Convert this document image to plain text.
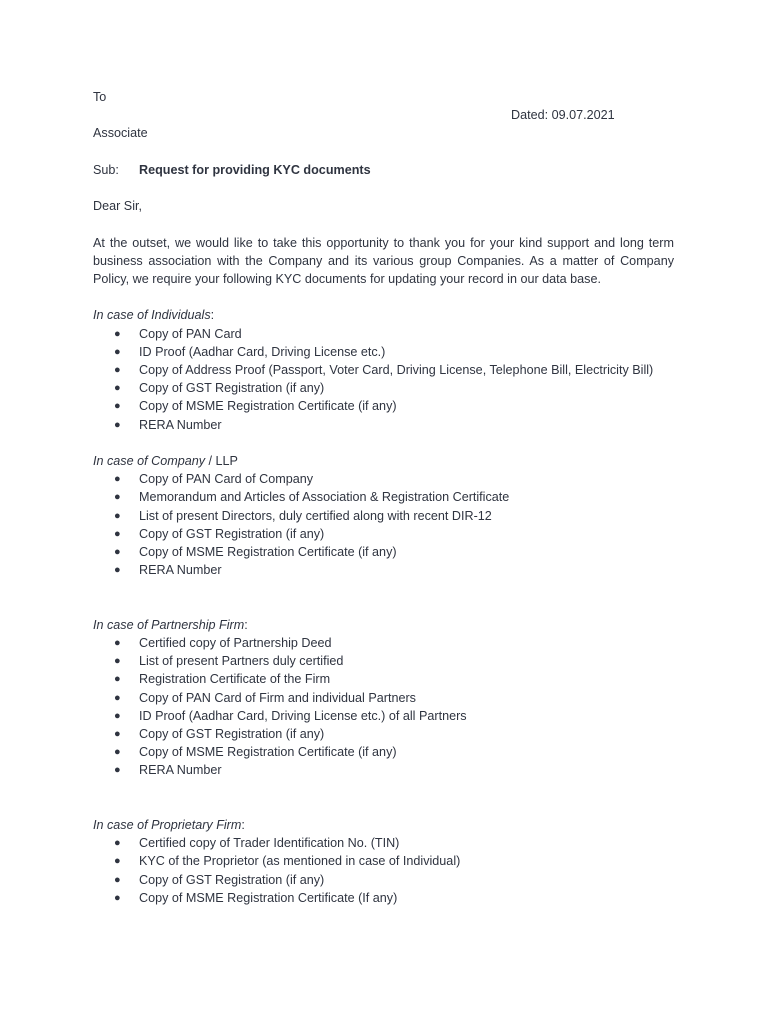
To
Dated: 09.07.2021

Associate

Sub:	Request for providing KYC documents

Dear Sir,

At the outset, we would like to take this opportunity to thank you for your kind support and long term business association with the Company and its various group Companies. As a matter of Company Policy, we require your following KYC documents for updating your record in our data base.

In case of Individuals:

● Copy of PAN Card
● ID Proof (Aadhar Card, Driving License etc.)
● Copy of Address Proof (Passport, Voter Card, Driving License, Telephone Bill, Electricity Bill)
● Copy of GST Registration (if any)
● Copy of MSME Registration Certificate (if any)
● RERA Number

In case of Company / LLP

● Copy of PAN Card of Company
● Memorandum and Articles of Association & Registration Certificate
● List of present Directors, duly certified along with recent DIR-12
● Copy of GST Registration (if any)
● Copy of MSME Registration Certificate (if any)
● RERA Number

In case of Partnership Firm:

● Certified copy of Partnership Deed
● List of present Partners duly certified
● Registration Certificate of the Firm
● Copy of PAN Card of Firm and individual Partners
● ID Proof (Aadhar Card, Driving License etc.) of all Partners
● Copy of GST Registration (if any)
● Copy of MSME Registration Certificate (if any)
● RERA Number

In case of Proprietary Firm:

● Certified copy of Trader Identification No. (TIN)
● KYC of the Proprietor (as mentioned in case of Individual)
● Copy of GST Registration (if any)
● Copy of MSME Registration Certificate (If any)
